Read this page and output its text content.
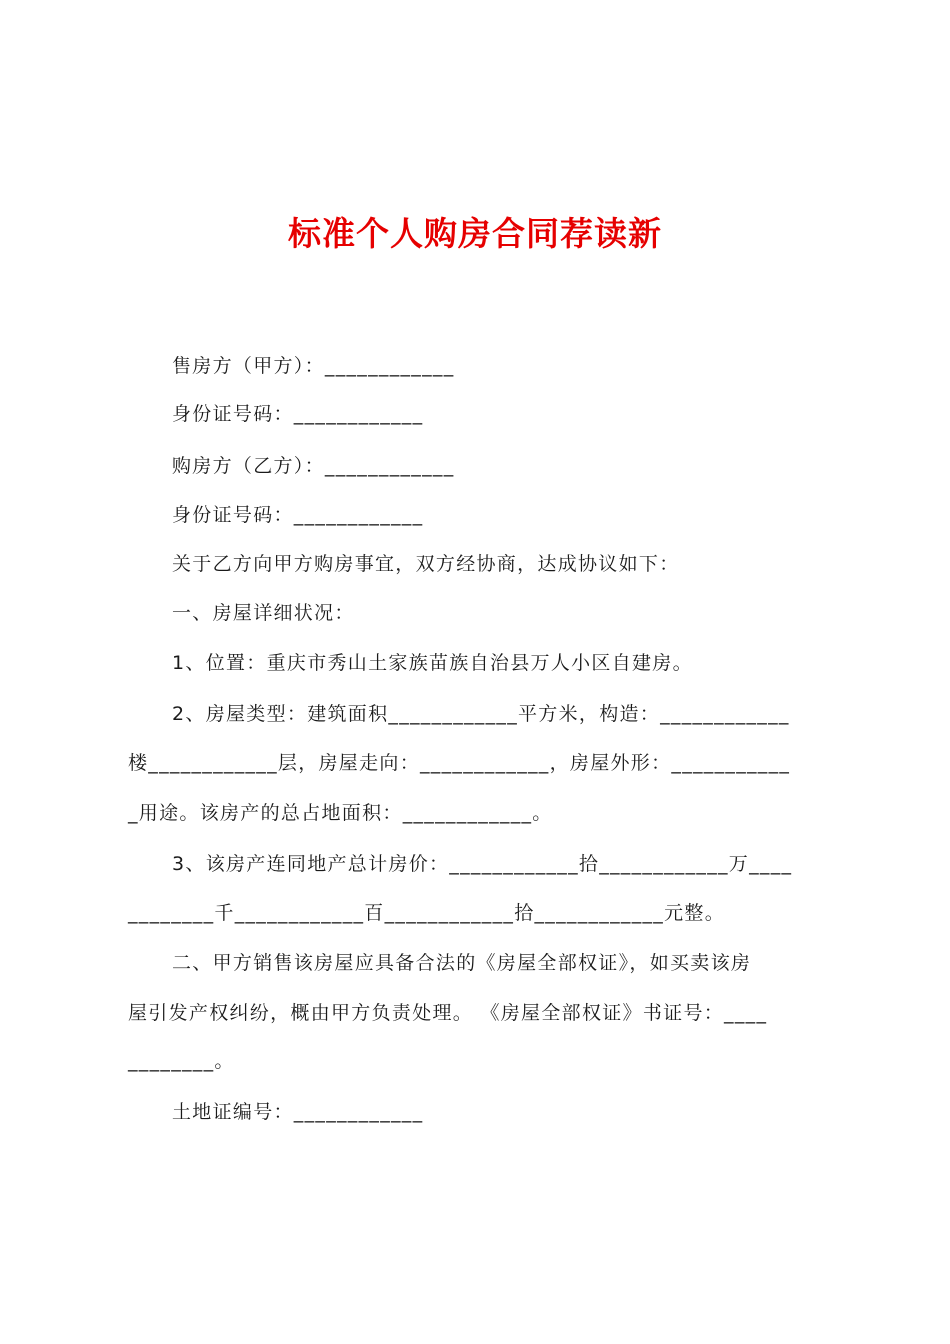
标准个人购房合同荐读新
售房方（甲方）：____________
身份证号码：____________
购房方（乙方）：____________
身份证号码：____________
关于乙方向甲方购房事宜，双方经协商，达成协议如下：
一、房屋详细状况：
1、位置：重庆市秀山土家族苗族自治县万人小区自建房。
2、房屋类型：建筑面积____________平方米，构造：____________
楼____________层，房屋走向：____________，房屋外形：___________
_用途。该房产的总占地面积：____________。
3、该房产连同地产总计房价：____________拾____________万____
________千____________百____________拾____________元整。
二、甲方销售该房屋应具备合法的《房屋全部权证》，如买卖该房
屋引发产权纠纷，概由甲方负责处理。 《房屋全部权证》书证号：____
________。
土地证编号：____________
